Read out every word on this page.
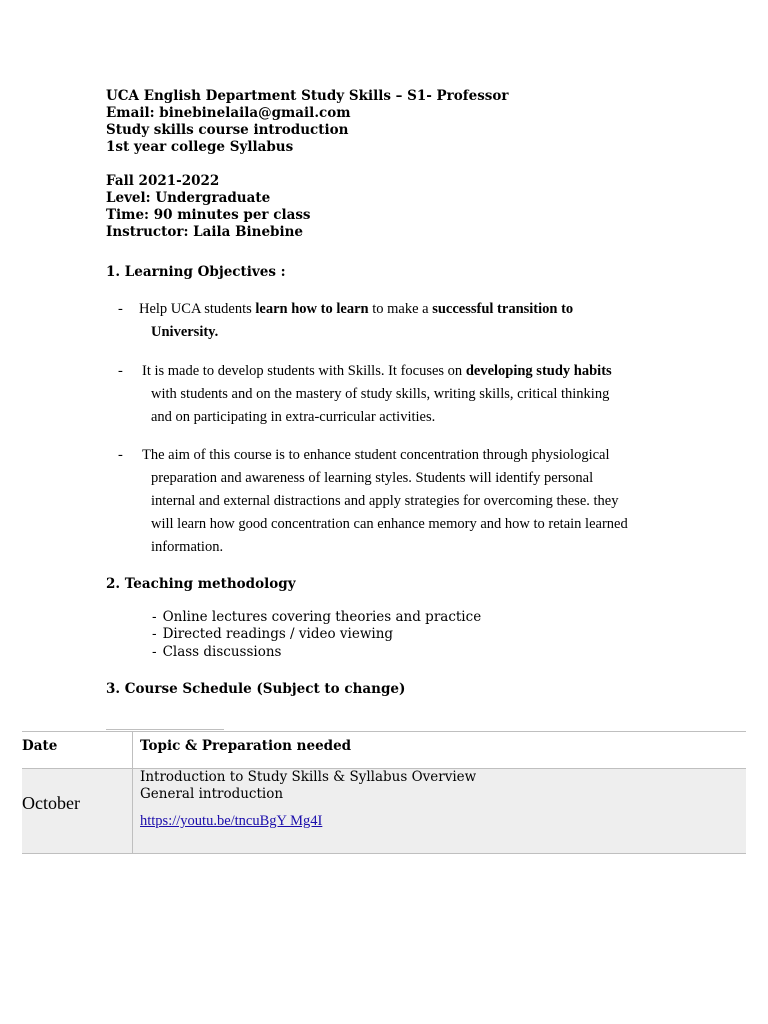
UCA English Department Study Skills – S1- Professor
Email: binebinelaila@gmail.com
Study skills course introduction
1st year college Syllabus
Fall 2021-2022
Level: Undergraduate
Time: 90 minutes per class
Instructor: Laila Binebine
1. Learning Objectives :
-	Help UCA students learn how to learn to make a successful transition to
University.
-	It is made to develop students with Skills. It focuses on developing study habits
with students and on the mastery of study skills, writing skills, critical thinking
and on participating in extra-curricular activities.
-	The aim of this course is to enhance student concentration through physiological
preparation and awareness of learning styles. Students will identify personal
internal and external distractions and apply strategies for overcoming these. they
will learn how good concentration can enhance memory and how to retain learned
information.
2. Teaching methodology
- Online lectures covering theories and practice
- Directed readings / video viewing
- Class discussions
3. Course Schedule (Subject to change)
Date	Topic & Preparation needed

October	Introduction to Study Skills & Syllabus Overview
General introduction
https://youtu.be/tncuBgY Mg4I
